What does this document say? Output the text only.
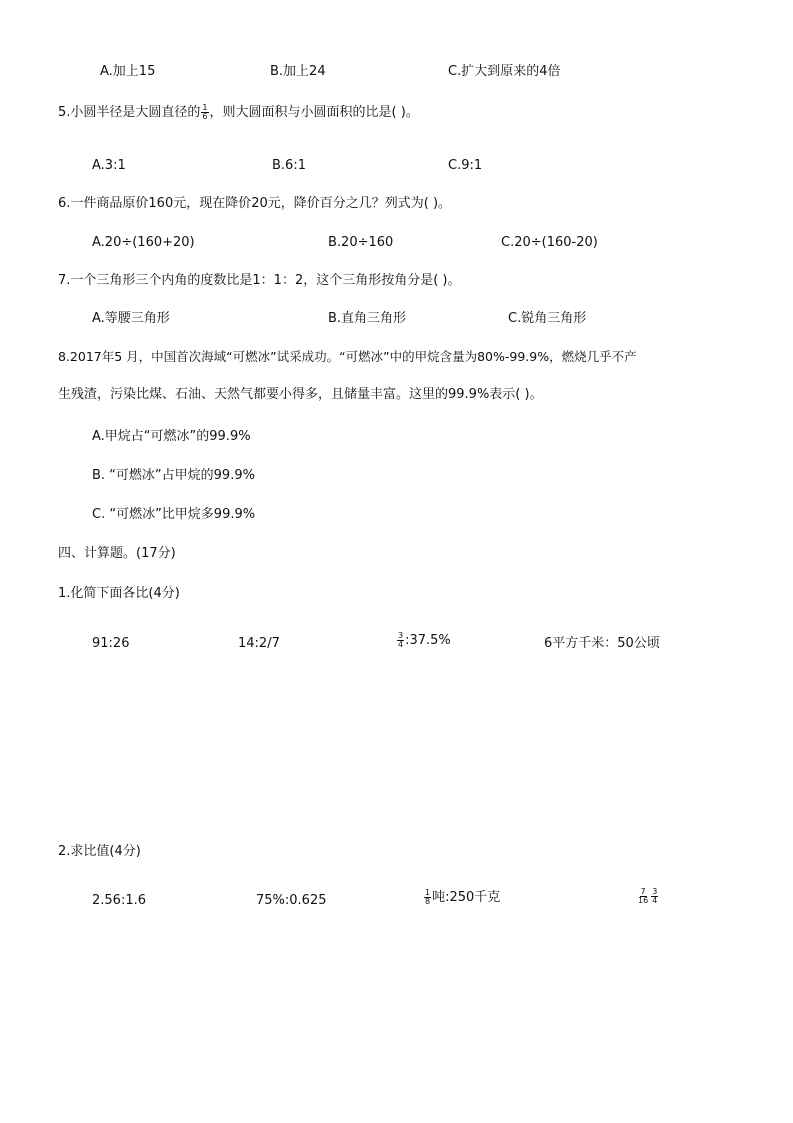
A.加上15	B.加上24	C.扩大到原来的4倍
5.小圆半径是大圆直径的 $\frac{1}{6}$ ，则大圆面积与小圆面积的比是( )。
A.3:1	B.6:1	C.9:1
6.一件商品原价160元，现在降价20元，降价百分之几？列式为( )。
A.20÷(160+20)	B.20÷160	C.20÷(160-20)
7.一个三角形三个内角的度数比是1：1：2，这个三角形按角分是( )。
A.等腰三角形	B.直角三角形	C.锐角三角形
8.2017年5 月，中国首次海域“可燃冰”试采成功。“可燃冰”中的甲烷含量为80%-99.9%，燃烧几乎不产
生残渣，污染比煤、石油、天然气都要小得多，且储量丰富。这里的99.9%表示( )。
A.甲烷占“可燃冰”的99.9%
B. “可燃冰”占甲烷的99.9%
C. “可燃冰”比甲烷多99.9%
四、计算题。(17分)
1.化简下面各比(4分)
91:26	14:2/7	$\frac{3}{4}$ :37.5%	6平方千米：50公顷
2.求比值(4分)
2.56:1.6	75%:0.625	$\frac{1}{8}$ 吨:250千克	$\frac{7}{16} \frac{3}{4}$
